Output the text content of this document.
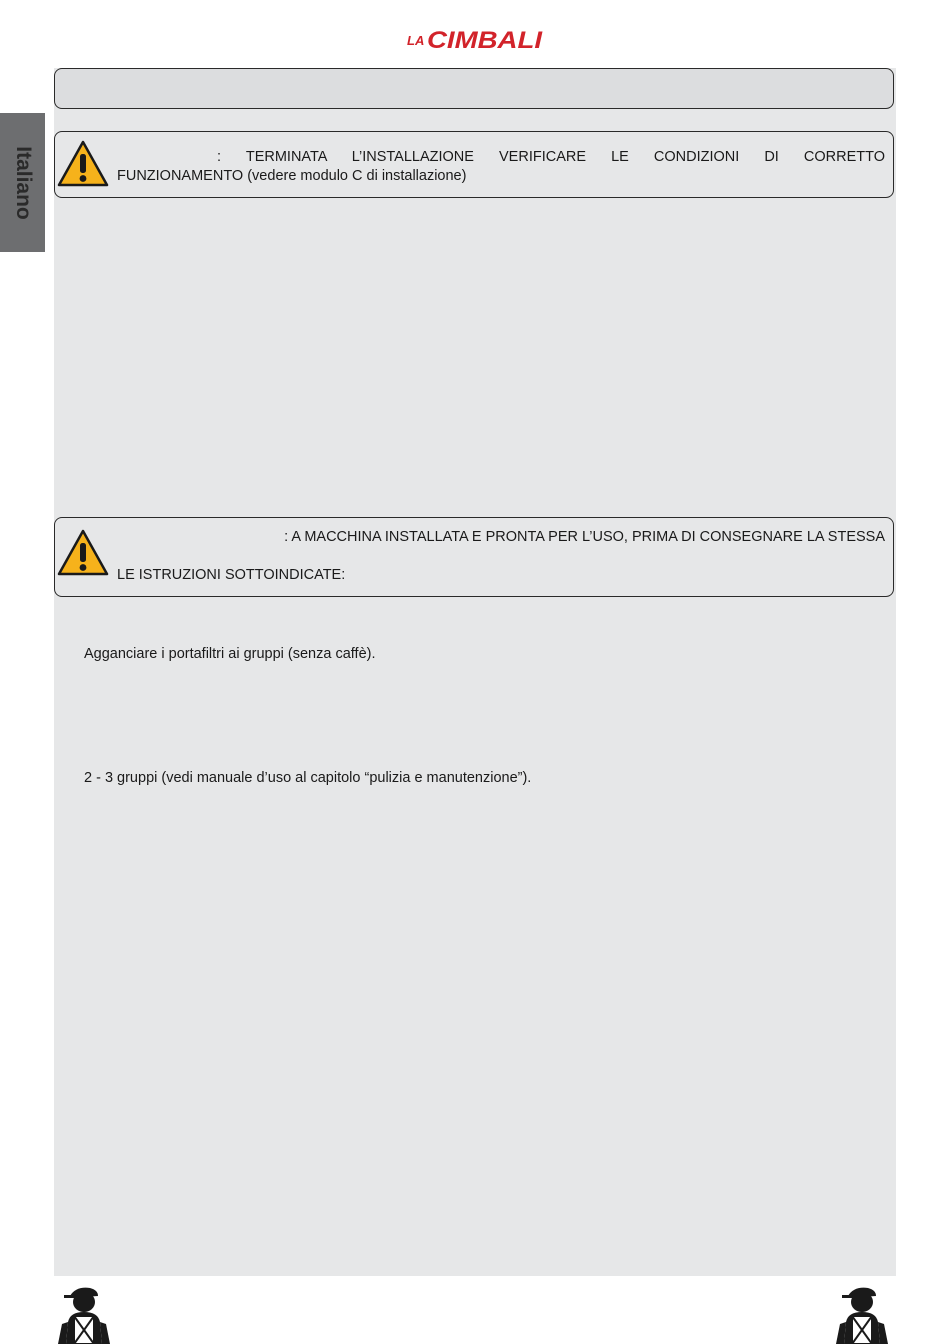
LA CIMBALI
Italiano	: TERMINATA L’INSTALLAZIONE VERIFICARE LE CONDIZIONI DI CORRETTO
FUNZIONAMENTO (vedere modulo C di installazione)
: A MACCHINA INSTALLATA E PRONTA PER L’USO, PRIMA DI CONSEGNARE LA STESSA
LE ISTRUZIONI SOTTOINDICATE:
Agganciare i portafiltri ai gruppi (senza caffè).
2 - 3 gruppi (vedi manuale d’uso al capitolo “pulizia e manutenzione”).
